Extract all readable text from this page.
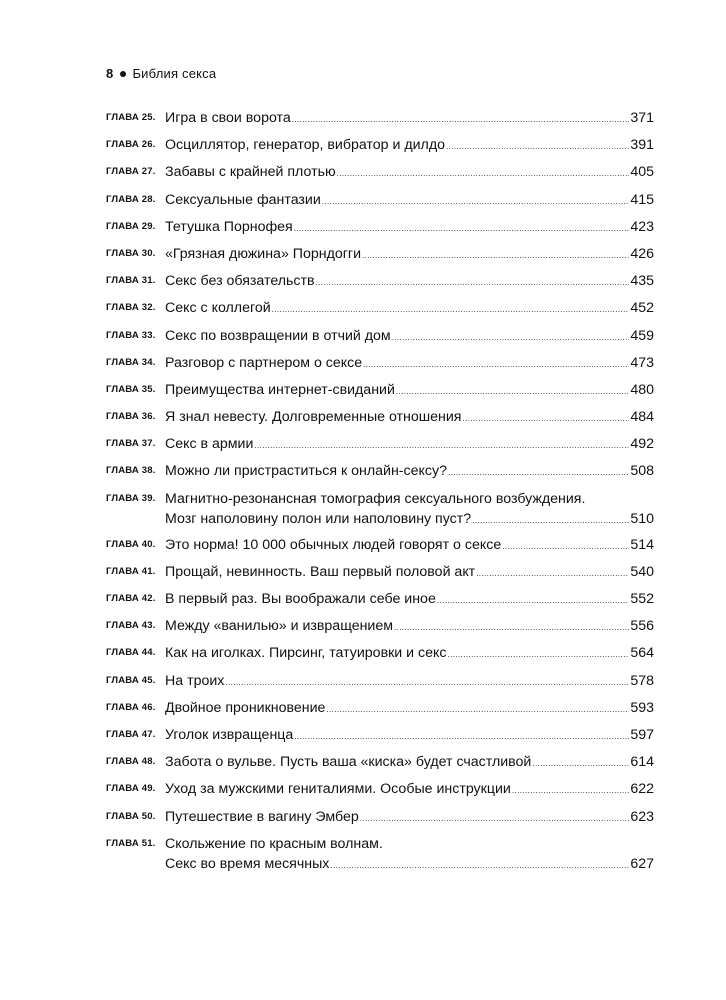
8 Библия секса
ГЛАВА 25. Игра в свои ворота .....	371
ГЛАВА 26. Осциллятор, генератор, вибратор и дилдо .....	391
ГЛАВА 27. Забавы с крайней плотью .....	405
ГЛАВА 28. Сексуальные фантазии .....	415
ГЛАВА 29. Тетушка Порнофея .....	423
ГЛАВА 30. «Грязная дюжина» Порндогги .....	426
ГЛАВА 31. Секс без обязательств .....	435
ГЛАВА 32. Секс с коллегой .....	452
ГЛАВА 33. Секс по возвращении в отчий дом .....	459
ГЛАВА 34. Разговор с партнером о сексе .....	473
ГЛАВА 35. Преимущества интернет-свиданий .....	480
ГЛАВА 36. Я знал невесту. Долговременные отношения .....	484
ГЛАВА 37. Секс в армии .....	492
ГЛАВА 38. Можно ли пристраститься к онлайн-сексу? .....	508
ГЛАВА 39. Магнитно-резонансная томография сексуального возбуждения.
Мозг наполовину полон или наполовину пуст? .....	510
ГЛАВА 40. Это норма! 10 000 обычных людей говорят о сексе .....	514
ГЛАВА 41. Прощай, невинность. Ваш первый половой акт .....	540
ГЛАВА 42. В первый раз. Вы воображали себе иное .....	552
ГЛАВА 43. Между «ванилью» и извращением .....	556
ГЛАВА 44. Как на иголках. Пирсинг, татуировки и секс .....	564
ГЛАВА 45. На троих .....	578
ГЛАВА 46. Двойное проникновение .....	593
ГЛАВА 47. Уголок извращенца .....	597
ГЛАВА 48. Забота о вульве. Пусть ваша «киска» будет счастливой .....	614
ГЛАВА 49. Уход за мужскими гениталиями. Особые инструкции .....	622
ГЛАВА 50. Путешествие в вагину Эмбер .....	623
ГЛАВА 51. Скольжение по красным волнам.
Секс во время месячных .....	627
